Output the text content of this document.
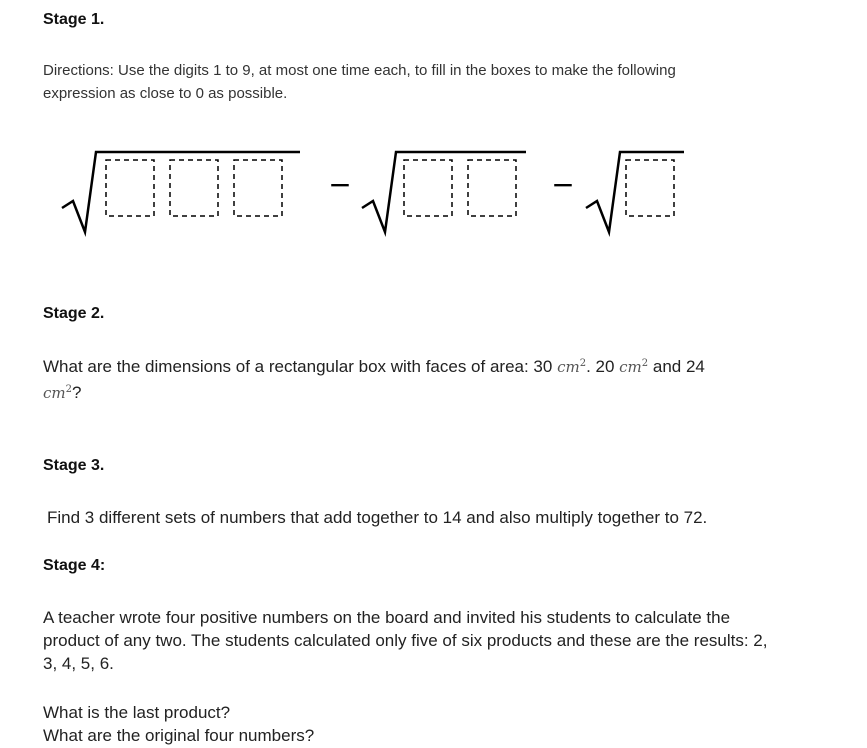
Stage 1.
Directions: Use the digits 1 to 9, at most one time each, to fill in the boxes to make the following
expression as close to 0 as possible.
−	−
Stage 2.
What are the dimensions of a rectangular box with faces of area: 30 $cm^2$. 20 $cm^2$ and 24
$cm^2$?
Stage 3.
Find 3 different sets of numbers that add together to 14 and also multiply together to 72.
Stage 4:
A teacher wrote four positive numbers on the board and invited his students to calculate the
product of any two. The students calculated only five of six products and these are the results: 2,
3, 4, 5, 6.
What is the last product?
What are the original four numbers?
